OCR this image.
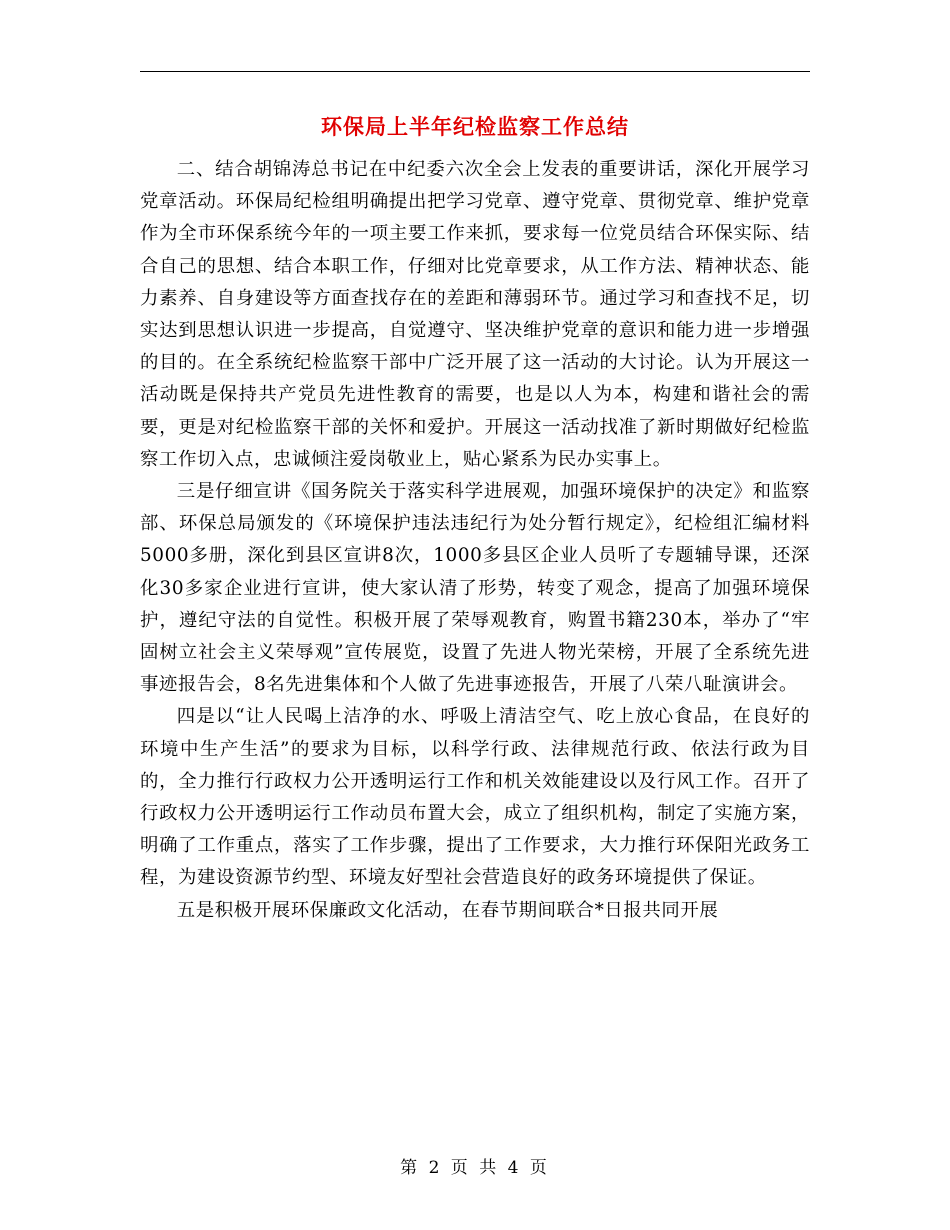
环保局上半年纪检监察工作总结

二、结合胡锦涛总书记在中纪委六次全会上发表的重要讲话，深化开展学习党章活动。环保局纪检组明确提出把学习党章、遵守党章、贯彻党章、维护党章作为全市环保系统今年的一项主要工作来抓，要求每一位党员结合环保实际、结合自己的思想、结合本职工作，仔细对比党章要求，从工作方法、精神状态、能力素养、自身建设等方面查找存在的差距和薄弱环节。通过学习和查找不足，切实达到思想认识进一步提高，自觉遵守、坚决维护党章的意识和能力进一步增强的目的。在全系统纪检监察干部中广泛开展了这一活动的大讨论。认为开展这一活动既是保持共产党员先进性教育的需要，也是以人为本，构建和谐社会的需要，更是对纪检监察干部的关怀和爱护。开展这一活动找准了新时期做好纪检监察工作切入点，忠诚倾注爱岗敬业上，贴心紧系为民办实事上。

三是仔细宣讲《国务院关于落实科学进展观，加强环境保护的决定》和监察部、环保总局颁发的《环境保护违法违纪行为处分暂行规定》，纪检组汇编材料5000多册，深化到县区宣讲8次，1000多县区企业人员听了专题辅导课，还深化30多家企业进行宣讲，使大家认清了形势，转变了观念，提高了加强环境保护，遵纪守法的自觉性。积极开展了荣辱观教育，购置书籍230本，举办了“牢固树立社会主义荣辱观”宣传展览，设置了先进人物光荣榜，开展了全系统先进事迹报告会，8名先进集体和个人做了先进事迹报告，开展了八荣八耻演讲会。

四是以“让人民喝上洁净的水、呼吸上清洁空气、吃上放心食品，在良好的环境中生产生活”的要求为目标，以科学行政、法律规范行政、依法行政为目的，全力推行行政权力公开透明运行工作和机关效能建设以及行风工作。召开了行政权力公开透明运行工作动员布置大会，成立了组织机构，制定了实施方案，明确了工作重点，落实了工作步骤，提出了工作要求，大力推行环保阳光政务工程，为建设资源节约型、环境友好型社会营造良好的政务环境提供了保证。

五是积极开展环保廉政文化活动，在春节期间联合*日报共同开展

第 2 页 共 4 页
